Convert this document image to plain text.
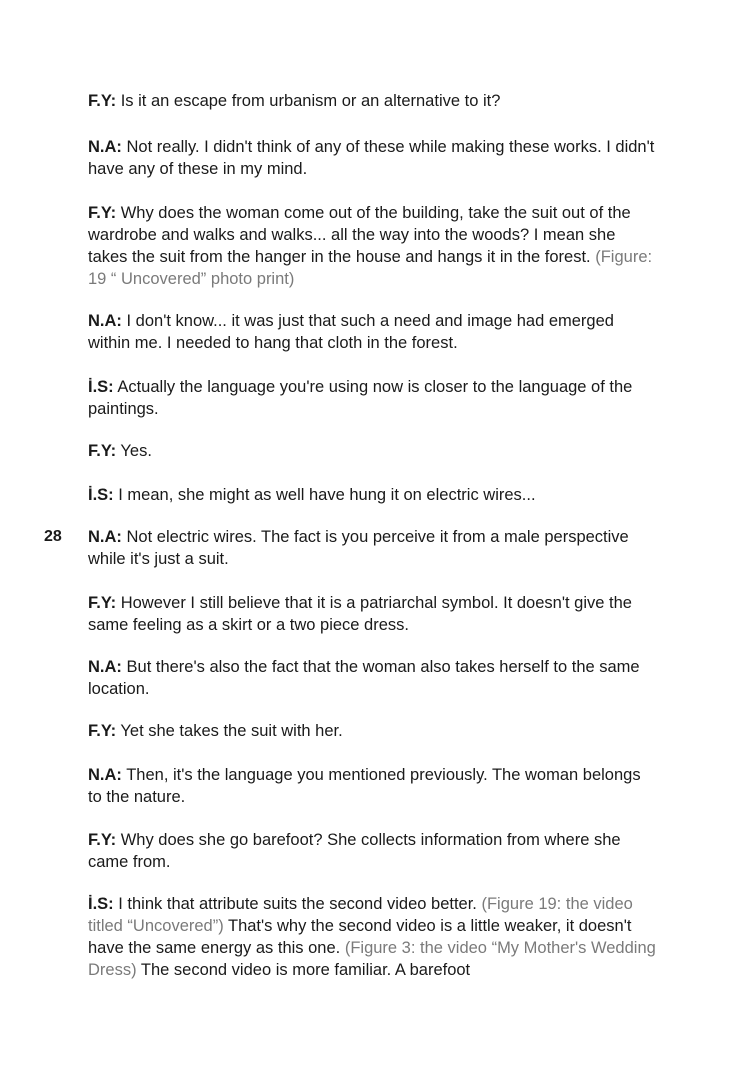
28

F.Y: Is it an escape from urbanism or an alternative to it?

N.A: Not really. I didn't think of any of these while making these works. I didn't have any of these in my mind.

F.Y: Why does the woman come out of the building, take the suit out of the wardrobe and walks and walks... all the way into the woods? I mean she takes the suit from the hanger in the house and hangs it in the forest. (Figure: 19 “ Uncovered” photo print)

N.A: I don't know... it was just that such a need and image had emerged within me. I needed to hang that cloth in the forest.

İ.S: Actually the language you're using now is closer to the language of the paintings.

F.Y: Yes.

İ.S: I mean, she might as well have hung it on electric wires...

N.A: Not electric wires. The fact is you perceive it from a male perspective while it's just a suit.

F.Y: However I still believe that it is a patriarchal symbol. It doesn't give the same feeling as a skirt or a two piece dress.

N.A: But there's also the fact that the woman also takes herself to the same location.

F.Y: Yet she takes the suit with her.

N.A: Then, it's the language you mentioned previously. The woman belongs to the nature.

F.Y: Why does she go barefoot? She collects information from where she came from.

İ.S: I think that attribute suits the second video better. (Figure 19: the video titled “Uncovered”) That's why the second video is a little weaker, it doesn't have the same energy as this one. (Figure 3: the video “My Mother's Wedding Dress) The second video is more familiar. A barefoot
